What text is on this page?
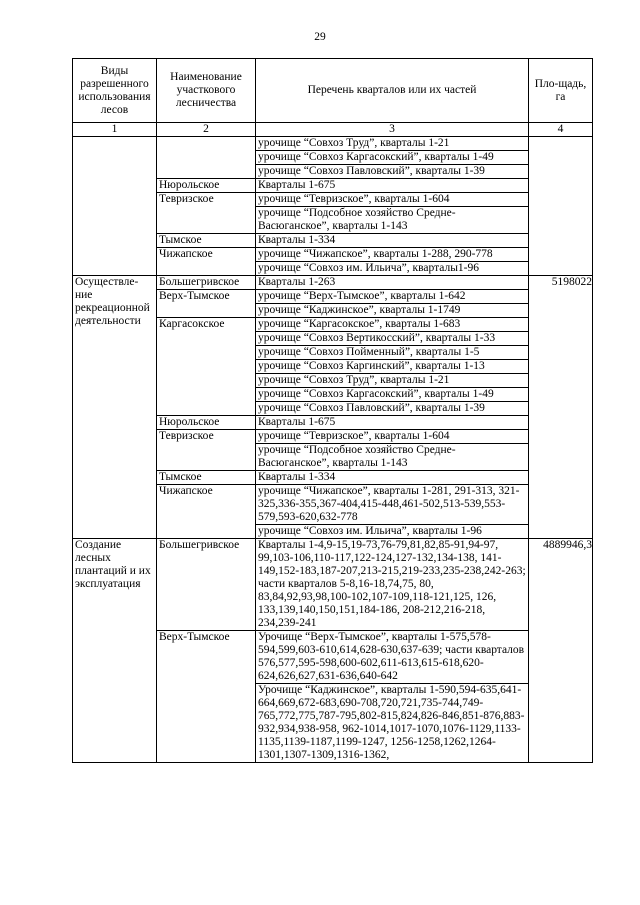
29
Виды разрешенного использования лесов	Наименование участкового лесничества	Перечень кварталов или их частей	Пло-щадь, га
1	2	3	4
		урочище “Совхоз Труд”, кварталы 1-21	
		урочище “Совхоз Каргасокский”, кварталы 1-49	
		урочище “Совхоз Павловский”, кварталы 1-39	
	Нюрольское	Кварталы 1-675	
	Тевризское	урочище “Тевризское”, кварталы 1-604	
		урочище “Подсобное хозяйство Средне-Васюганское”, кварталы 1-143	
	Тымское	Кварталы 1-334	
	Чижапское	урочище “Чижапское”, кварталы 1-288, 290-778	
		урочище “Совхоз им. Ильича”, кварталы1-96	
Осуществле-ние рекреационной деятельности	Большегривское	Кварталы 1-263	5198022
	Верх-Тымское	урочище “Верх-Тымское”, кварталы 1-642	
		урочище “Каджинское”, кварталы 1-1749	
	Каргасокское	урочище “Каргасокское”, кварталы 1-683	
		урочище “Совхоз Вертикосский”, кварталы 1-33	
		урочище “Совхоз Пойменный”, кварталы 1-5	
		урочище “Совхоз Каргинский”, кварталы 1-13	
		урочище “Совхоз Труд”, кварталы 1-21	
		урочище “Совхоз Каргасокский”, кварталы 1-49	
		урочище “Совхоз Павловский”, кварталы 1-39	
	Нюрольское	Кварталы 1-675	
	Тевризское	урочище “Тевризское”, кварталы 1-604	
		урочище “Подсобное хозяйство Средне-Васюганское”, кварталы 1-143	
	Тымское	Кварталы 1-334	
	Чижапское	урочище “Чижапское”, кварталы 1-281, 291-313, 321-325,336-355,367-404,415-448,461-502,513-539,553-579,593-620,632-778	
		урочище “Совхоз им. Ильича”, кварталы 1-96	
Создание лесных плантаций и их эксплуатация	Большегривское	Кварталы 1-4,9-15,19-73,76-79,81,82,85-91,94-97, 99,103-106,110-117,122-124,127-132,134-138, 141-149,152-183,187-207,213-215,219-233,235-238,242-263; части кварталов 5-8,16-18,74,75, 80, 83,84,92,93,98,100-102,107-109,118-121,125, 126, 133,139,140,150,151,184-186, 208-212,216-218, 234,239-241	4889946,3
	Верх-Тымское	Урочище “Верх-Тымское”, кварталы 1-575,578-594,599,603-610,614,628-630,637-639; части кварталов 576,577,595-598,600-602,611-613,615-618,620-624,626,627,631-636,640-642	
		Урочище “Каджинское”, кварталы 1-590,594-635,641- 664,669,672-683,690-708,720,721,735-744,749-765,772,775,787-795,802-815,824,826-846,851-876,883-932,934,938-958, 962-1014,1017-1070,1076-1129,1133-1135,1139-1187,1199-1247, 1256-1258,1262,1264-1301,1307-1309,1316-1362,	
